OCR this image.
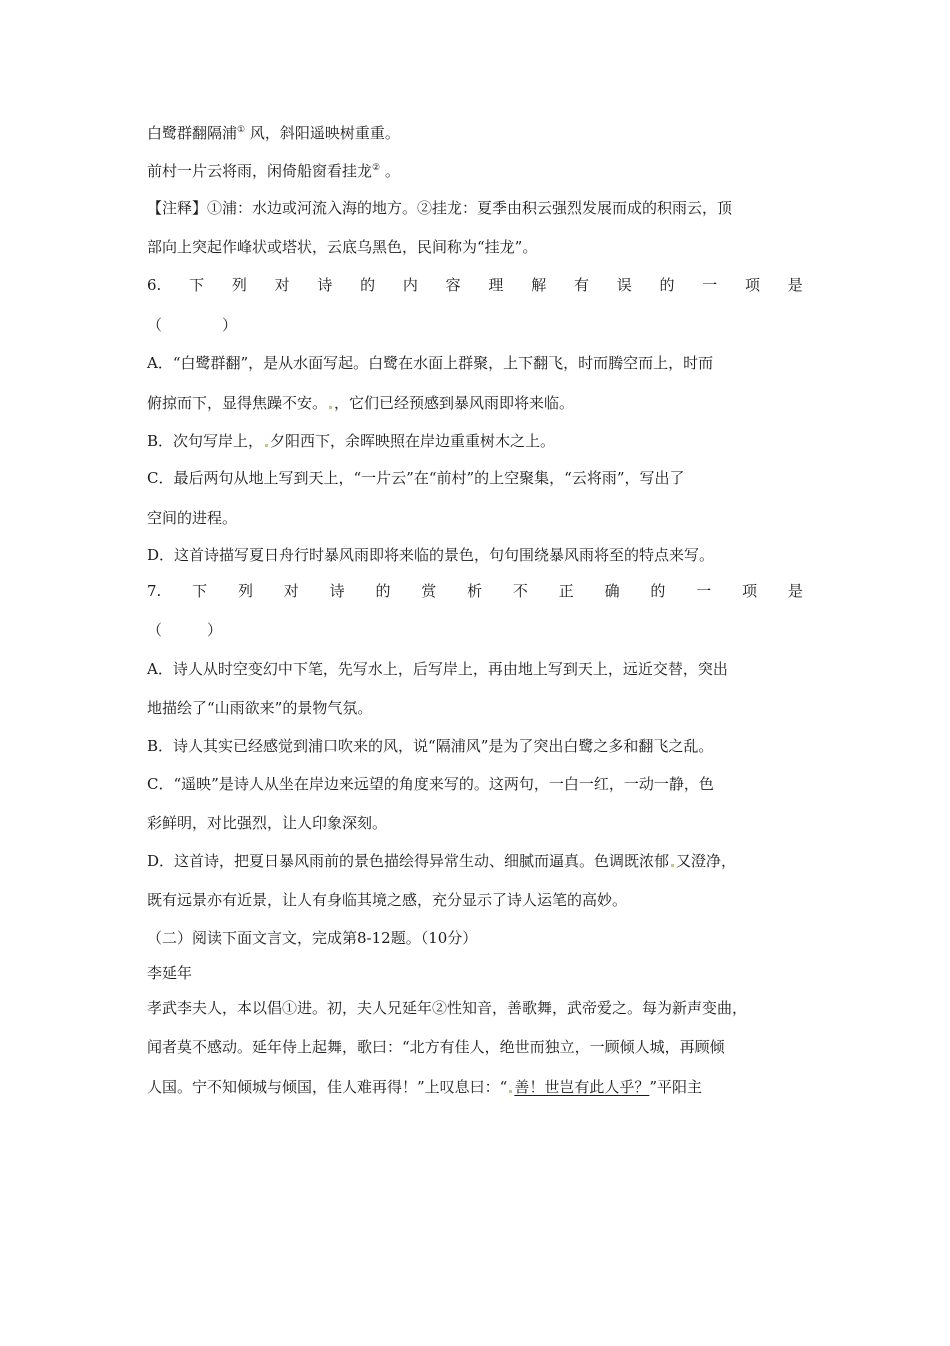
白鹭群翻隔浦① 风，斜阳遥映树重重。
前村一片云将雨，闲倚船窗看挂龙② 。
【注释】①浦：水边或河流入海的地方。②挂龙：夏季由积云强烈发展而成的积雨云，顶
部向上突起作峰状或塔状，云底乌黑色，民间称为“挂龙”。
6. 下 列 对 诗 的 内 容 理 解 有 误 的 一 项 是
（　　　　）
A．“白鹭群翻”，是从水面写起。白鹭在水面上群聚，上下翻飞，时而腾空而上，时而
俯掠而下，显得焦躁不安。 ，它们已经预感到暴风雨即将来临。
B．次句写岸上， 夕阳西下，余晖映照在岸边重重树木之上。
C．最后两句从地上写到天上，“一片云”在“前村”的上空聚集，“云将雨”，写出了
空间的进程。
D．这首诗描写夏日舟行时暴风雨即将来临的景色，句句围绕暴风雨将至的特点来写。
7. 下 列 对 诗 的 赏 析 不 正 确 的 一 项 是
（　　　）
A．诗人从时空变幻中下笔，先写水上，后写岸上，再由地上写到天上，远近交替，突出
地描绘了“山雨欲来”的景物气氛。
B．诗人其实已经感觉到浦口吹来的风，说“隔浦风”是为了突出白鹭之多和翻飞之乱。
C．“遥映”是诗人从坐在岸边来远望的角度来写的。这两句，一白一红，一动一静，色
彩鲜明，对比强烈，让人印象深刻。
D．这首诗，把夏日暴风雨前的景色描绘得异常生动、细腻而逼真。色调既浓郁 又澄净，
既有远景亦有近景，让人有身临其境之感，充分显示了诗人运笔的高妙。
（二）阅读下面文言文，完成第8-12题。（10分）
李延年
孝武李夫人，本以倡①进。初，夫人兄延年②性知音，善歌舞，武帝爱之。每为新声变曲，
闻者莫不感动。延年侍上起舞，歌曰：“北方有佳人，绝世而独立，一顾倾人城，再顾倾
人国。宁不知倾城与倾国，佳人难再得！”上叹息曰：“ 善！世岂有此人乎？”平阳主
